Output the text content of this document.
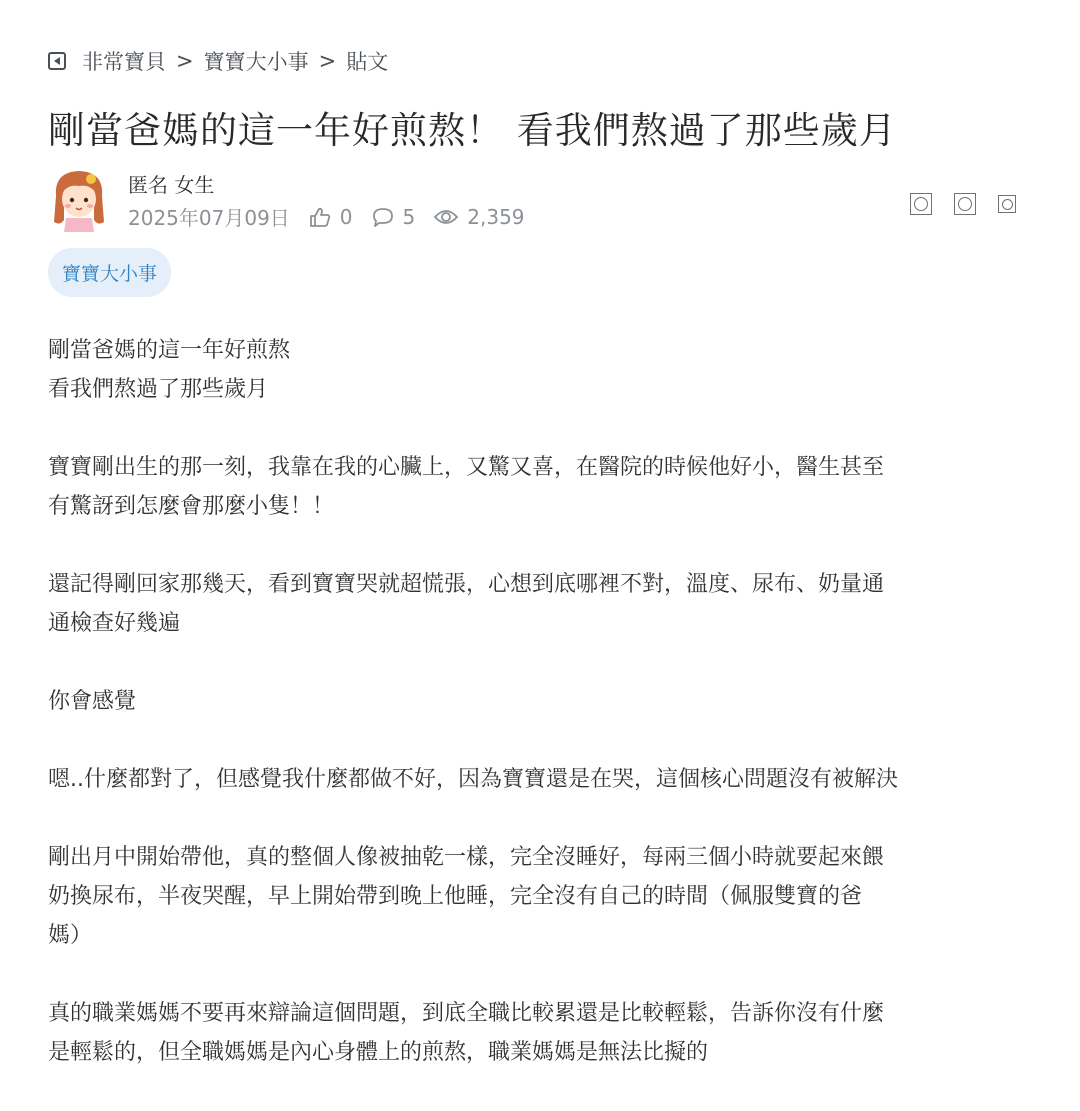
非常寶貝 > 寶寶大小事 > 貼文
剛當爸媽的這一年好煎熬！ 看我們熬過了那些歲月
匿名 女生
2025年07月09日	0	5	2,359
寶寶大小事

剛當爸媽的這一年好煎熬
看我們熬過了那些歲月

寶寶剛出生的那一刻，我靠在我的心臟上，又驚又喜，在醫院的時候他好小，醫生甚至
有驚訝到怎麼會那麼小隻！！

還記得剛回家那幾天，看到寶寶哭就超慌張，心想到底哪裡不對，溫度、尿布、奶量通
通檢查好幾遍

你會感覺

嗯..什麼都對了，但感覺我什麼都做不好，因為寶寶還是在哭，這個核心問題沒有被解決

剛出月中開始帶他，真的整個人像被抽乾一樣，完全沒睡好，每兩三個小時就要起來餵
奶換尿布，半夜哭醒，早上開始帶到晚上他睡，完全沒有自己的時間（佩服雙寶的爸
媽）

真的職業媽媽不要再來辯論這個問題，到底全職比較累還是比較輕鬆，告訴你沒有什麼
是輕鬆的，但全職媽媽是內心身體上的煎熬，職業媽媽是無法比擬的
